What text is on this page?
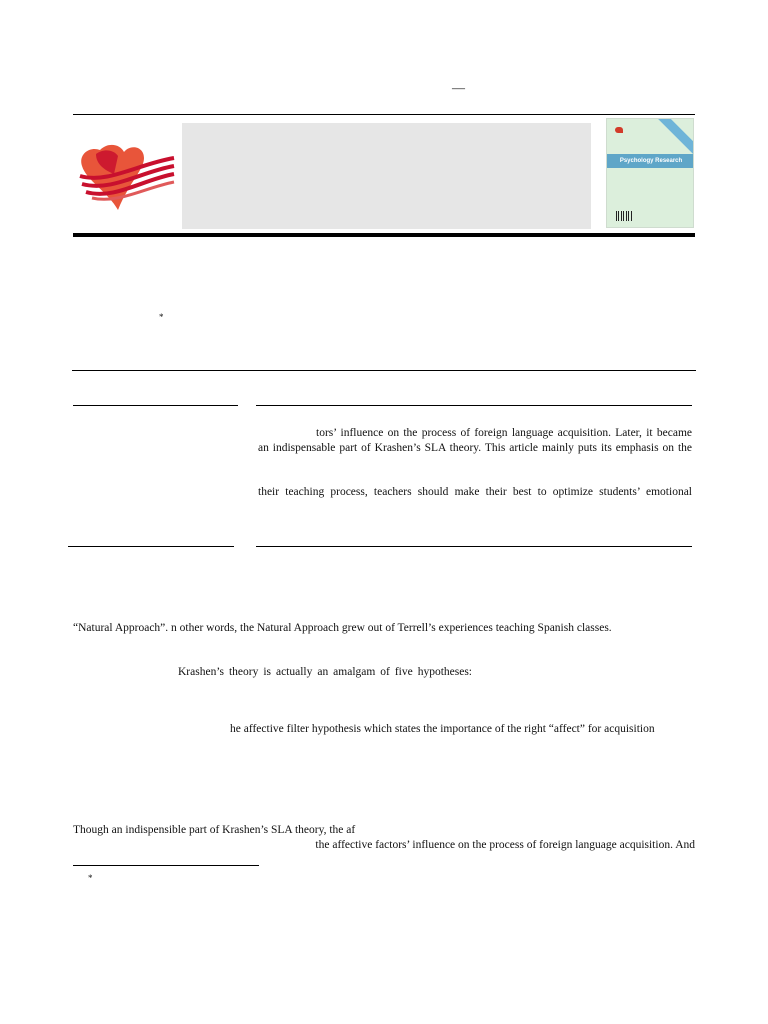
—
Psychology Research
*
tors’ influence on the process of foreign language acquisition. Later, it became
an indispensable part of Krashen’s SLA theory. This article mainly puts its emphasis on the
their teaching process, teachers should make their best to optimize students’ emotional
“Natural Approach”. n other words, the Natural Approach grew out of Terrell’s experiences teaching Spanish classes.
Krashen’s theory is actually an amalgam of five hypotheses:
he affective filter hypothesis which states the importance of the right “affect” for acquisition
Though an indispensible part of Krashen’s SLA theory, the af
the affective factors’ influence on the process of foreign language acquisition. And
*
